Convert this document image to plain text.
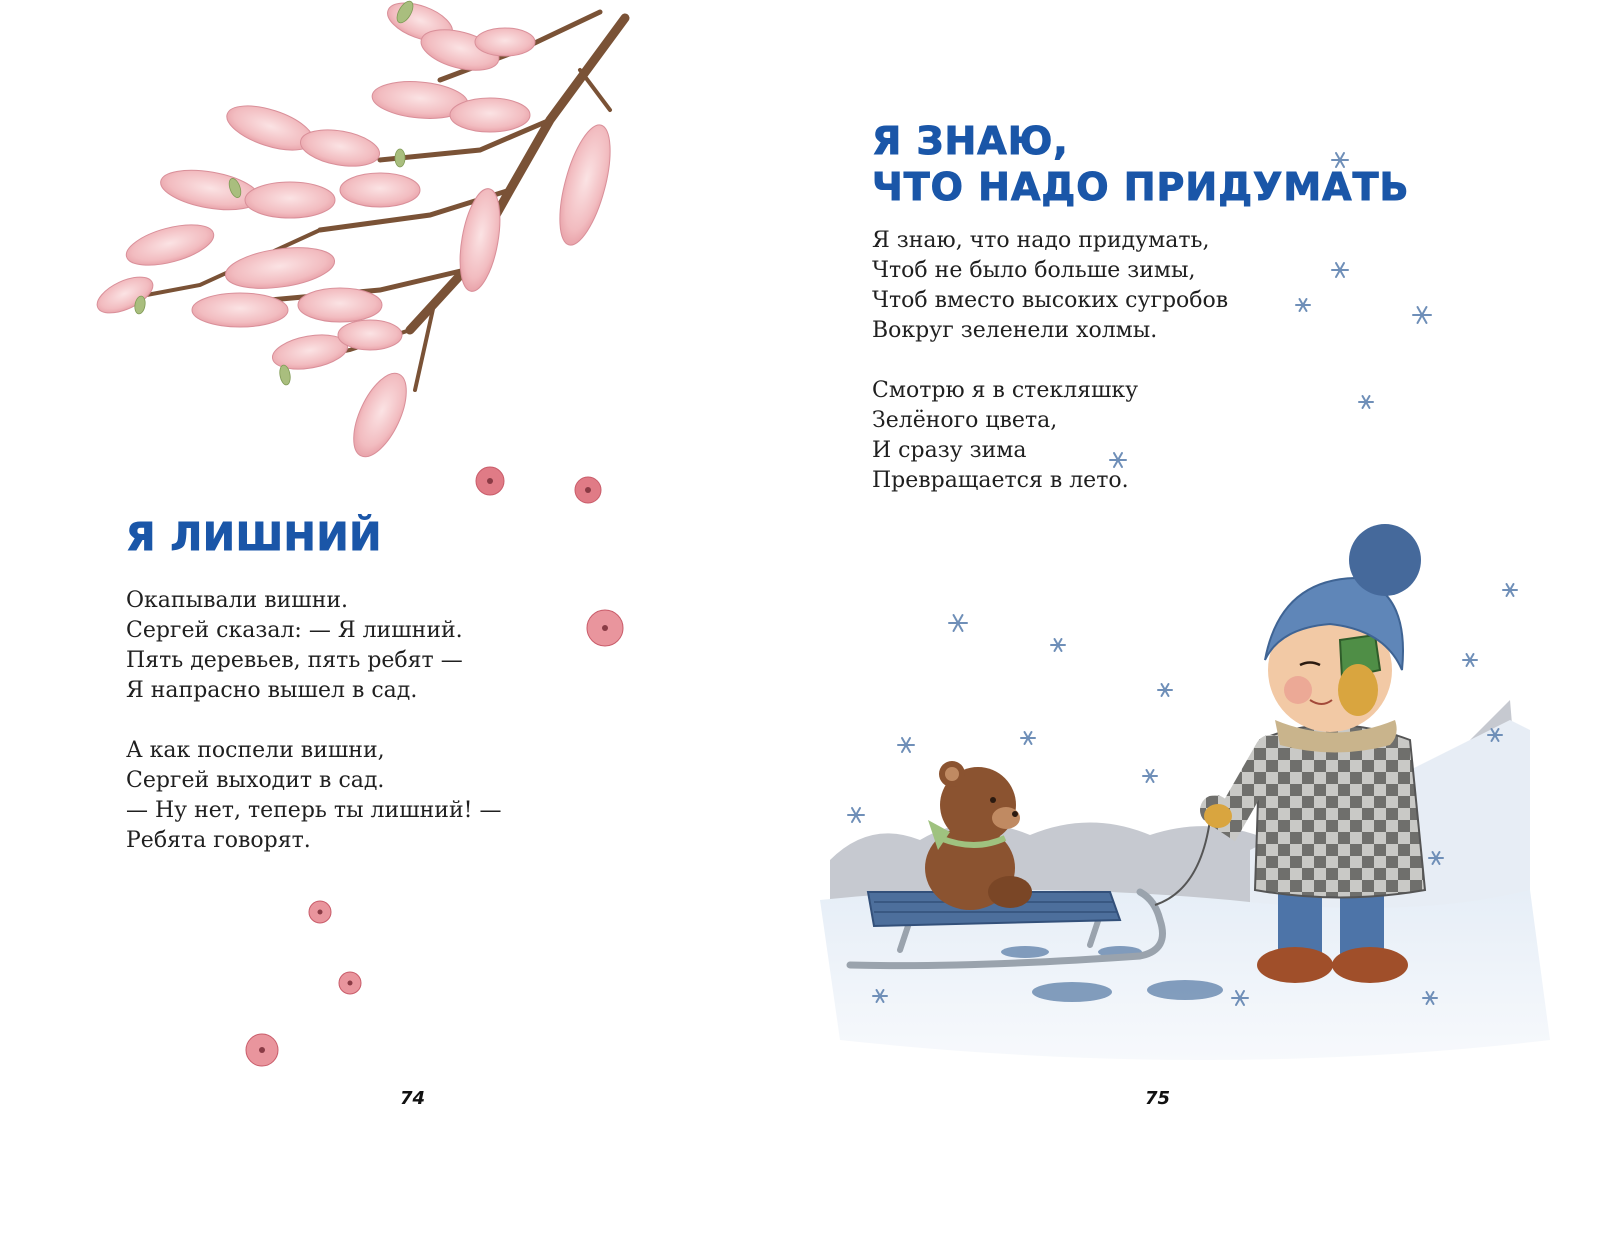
Я ЛИШНИЙ
Окапывали вишни.
Сергей сказал: — Я лишний.
Пять деревьев, пять ребят —
Я напрасно вышел в сад.
А как поспели вишни,
Сергей выходит в сад.
— Ну нет, теперь ты лишний! —
Ребята говорят.
74
Я ЗНАЮ,
ЧТО НАДО ПРИДУМАТЬ
Я знаю, что надо придумать,
Чтоб не было больше зимы,
Чтоб вместо высоких сугробов
Вокруг зеленели холмы.
Смотрю я в стекляшку
Зелёного цвета,
И сразу зима
Превращается в лето.
75
